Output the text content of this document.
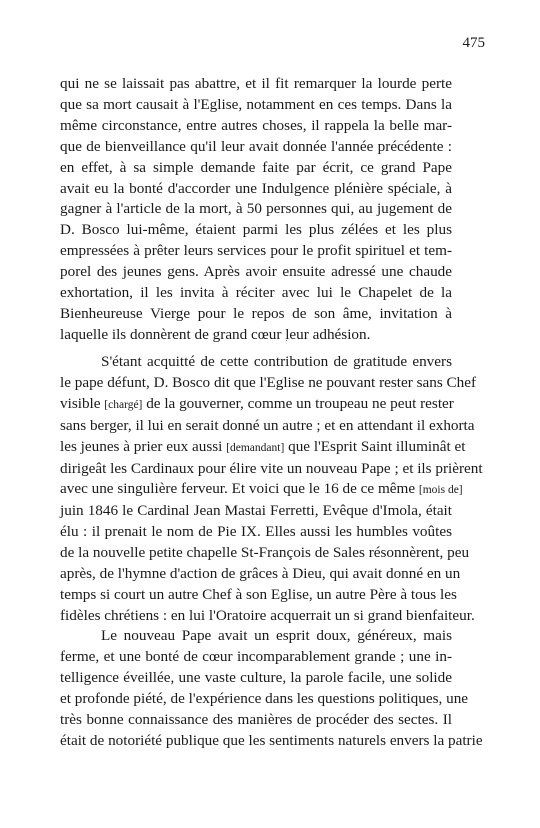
475
qui ne se laissait pas abattre, et il fit remarquer la lourde perte
que sa mort causait à l'Eglise, notamment en ces temps. Dans la
même circonstance, entre autres choses, il rappela la belle mar-
que de bienveillance qu'il leur avait donnée l'année précédente :
en effet, à sa simple demande faite par écrit, ce grand Pape
avait eu la bonté d'accorder une Indulgence plénière spéciale, à
gagner à l'article de la mort, à 50 personnes qui, au jugement de
D. Bosco lui-même, étaient parmi les plus zélées et les plus
empressées à prêter leurs services pour le profit spirituel et tem-
porel des jeunes gens. Après avoir ensuite adressé une chaude
exhortation, il les invita à réciter avec lui le Chapelet de la
Bienheureuse Vierge pour le repos de son âme, invitation à
laquelle ils donnèrent de grand cœur leur adhésion.
S'étant acquitté de cette contribution de gratitude envers
le pape défunt, D. Bosco dit que l'Eglise ne pouvant rester sans Chef
visible [chargé] de la gouverner, comme un troupeau ne peut rester
sans berger, il lui en serait donné un autre ; et en attendant il exhorta
les jeunes à prier eux aussi [demandant] que l'Esprit Saint illuminât et
dirigeât les Cardinaux pour élire vite un nouveau Pape ; et ils prièrent
avec une singulière ferveur. Et voici que le 16 de ce même [mois de]
juin 1846 le Cardinal Jean Mastai Ferretti, Evêque d'Imola, était
élu : il prenait le nom de Pie IX. Elles aussi les humbles voûtes
de la nouvelle petite chapelle St-François de Sales résonnèrent, peu
après, de l'hymne d'action de grâces à Dieu, qui avait donné en un
temps si court un autre Chef à son Eglise, un autre Père à tous les
fidèles chrétiens : en lui l'Oratoire acquerrait un si grand bienfaiteur.
Le nouveau Pape avait un esprit doux, généreux, mais
ferme, et une bonté de cœur incomparablement grande ; une in-
telligence éveillée, une vaste culture, la parole facile, une solide
et profonde piété, de l'expérience dans les questions politiques, une
très bonne connaissance des manières de procéder des sectes. Il
était de notoriété publique que les sentiments naturels envers la patrie
